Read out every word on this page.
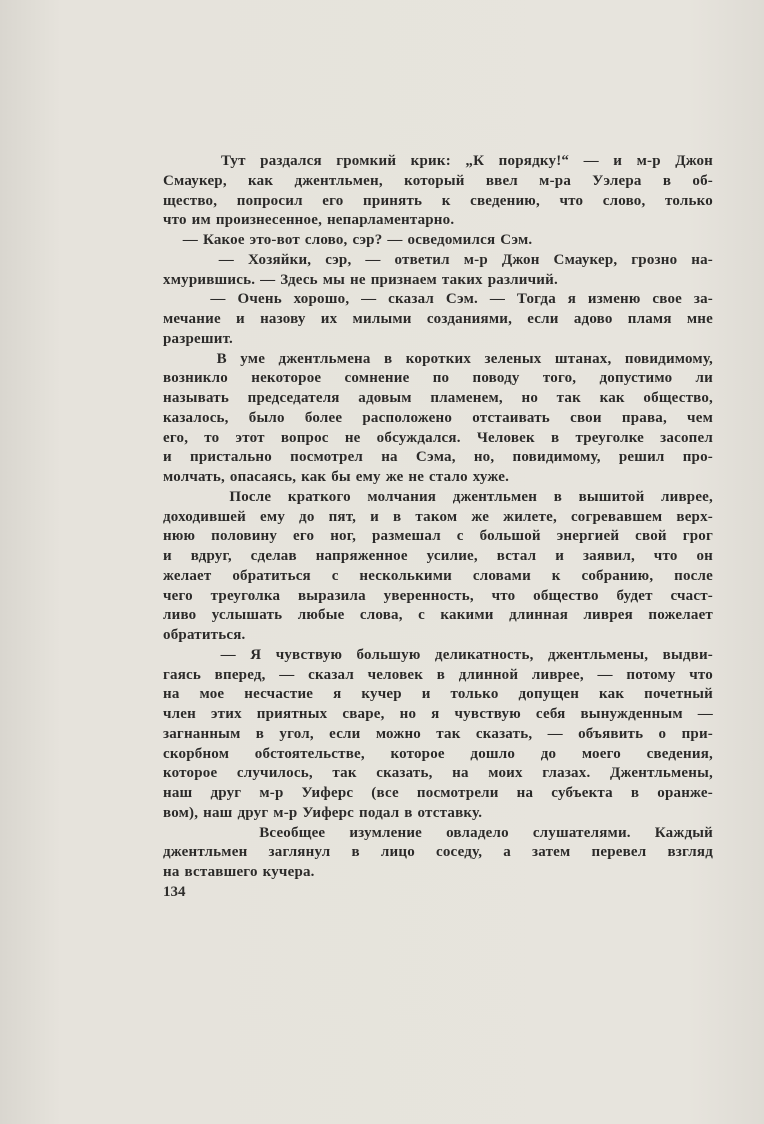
Тут раздался громкий крик: „К порядку!“ — и м-р Джон
Смаукер, как джентльмен, который ввел м-ра Уэлера в об-
щество, попросил его принять к сведению, что слово, только
что им произнесенное, непарламентарно.
— Какое это-вот слово, сэр? — осведомился Сэм.
— Хозяйки, сэр, — ответил м-р Джон Смаукер, грозно на-
хмурившись. — Здесь мы не признаем таких различий.
— Очень хорошо, — сказал Сэм. — Тогда я изменю свое за-
мечание и назову их милыми созданиями, если адово пламя мне
разрешит.
В уме джентльмена в коротких зеленых штанах, повидимому,
возникло некоторое сомнение по поводу того, допустимо ли
называть председателя адовым пламенем, но так как общество,
казалось, было более расположено отстаивать свои права, чем
его, то этот вопрос не обсуждался. Человек в треуголке засопел
и пристально посмотрел на Сэма, но, повидимому, решил про-
молчать, опасаясь, как бы ему же не стало хуже.
После краткого молчания джентльмен в вышитой ливрее,
доходившей ему до пят, и в таком же жилете, согревавшем верх-
нюю половину его ног, размешал с большой энергией свой грог
и вдруг, сделав напряженное усилие, встал и заявил, что он
желает обратиться с несколькими словами к собранию, после
чего треуголка выразила уверенность, что общество будет счаст-
ливо услышать любые слова, с какими длинная ливрея пожелает
обратиться.
— Я чувствую большую деликатность, джентльмены, выдви-
гаясь вперед, — сказал человек в длинной ливрее, — потому что
на мое несчастие я кучер и только допущен как почетный
член этих приятных сваре, но я чувствую себя вынужденным —
загнанным в угол, если можно так сказать, — объявить о при-
скорбном обстоятельстве, которое дошло до моего сведения,
которое случилось, так сказать, на моих глазах. Джентльмены,
наш друг м-р Уиферс (все посмотрели на субъекта в оранже-
вом), наш друг м-р Уиферс подал в отставку.
Всеобщее изумление овладело слушателями. Каждый
джентльмен заглянул в лицо соседу, а затем перевел взгляд
на вставшего кучера.
134
